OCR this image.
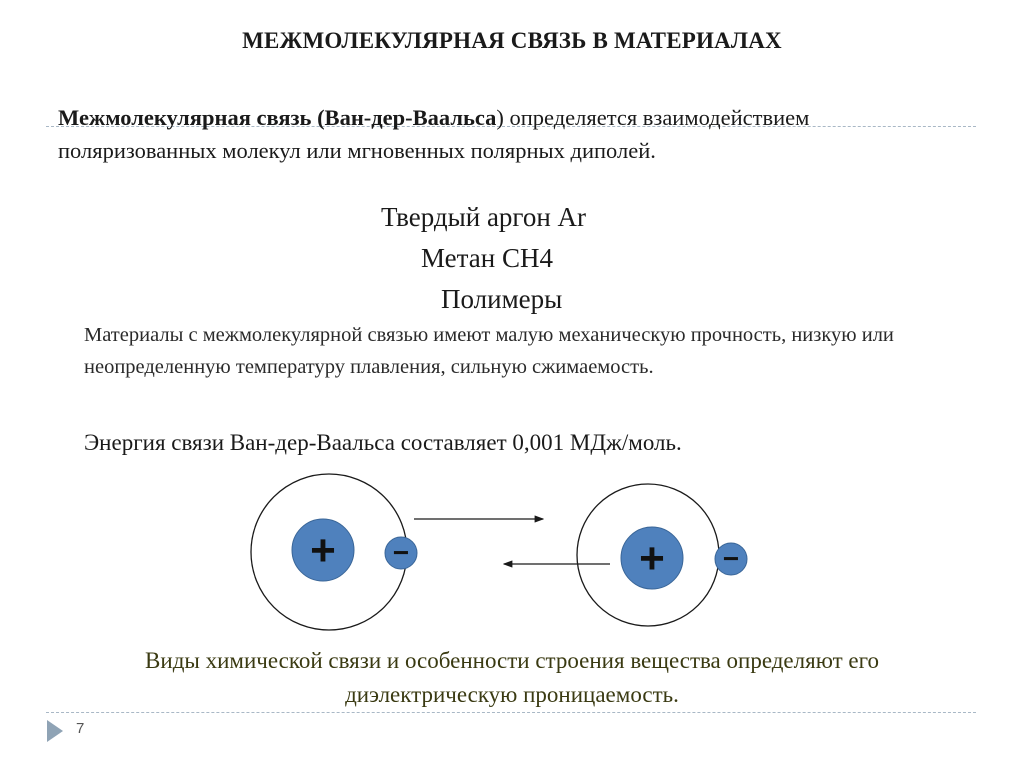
МЕЖМОЛЕКУЛЯРНАЯ СВЯЗЬ В МАТЕРИАЛАХ
Межмолекулярная связь (Ван-дер-Ваальса) определяется взаимодействием поляризованных молекул или мгновенных полярных диполей.
Твердый аргон Ar
Метан CH4
Полимеры
Материалы с межмолекулярной связью имеют малую механическую прочность, низкую или неопределенную температуру плавления, сильную сжимаемость.
Энергия связи Ван-дер-Ваальса составляет 0,001 МДж/моль.
+ −	+ −
Виды химической связи и особенности строения вещества определяют его диэлектрическую проницаемость.
7
